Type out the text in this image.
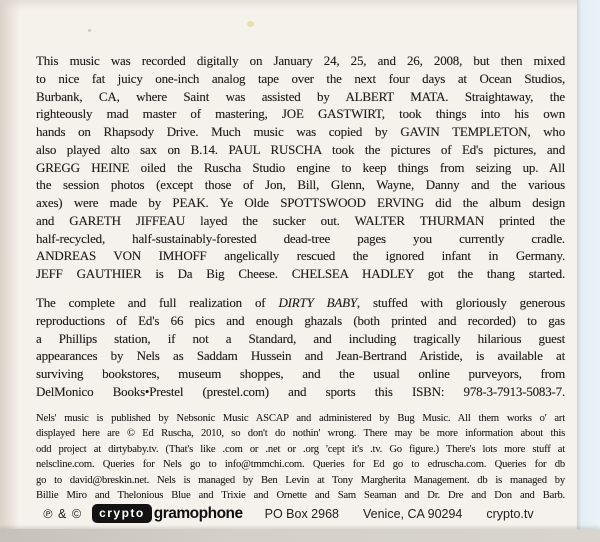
This music was recorded digitally on January 24, 25, and 26, 2008, but then mixed
to nice fat juicy one-inch analog tape over the next four days at Ocean Studios,
Burbank, CA, where Saint was assisted by ALBERT MATA. Straightaway, the
righteously mad master of mastering, JOE GASTWIRT, took things into his own
hands on Rhapsody Drive. Much music was copied by GAVIN TEMPLETON, who
also played alto sax on B.14. PAUL RUSCHA took the pictures of Ed's pictures, and
GREGG HEINE oiled the Ruscha Studio engine to keep things from seizing up. All
the session photos (except those of Jon, Bill, Glenn, Wayne, Danny and the various
axes) were made by PEAK. Ye Olde SPOTTSWOOD ERVING did the album design
and GARETH JIFFEAU layed the sucker out. WALTER THURMAN printed the
half-recycled, half-sustainably-forested dead-tree pages you currently cradle.
ANDREAS VON IMHOFF angelically rescued the ignored infant in Germany.
JEFF GAUTHIER is Da Big Cheese. CHELSEA HADLEY got the thang started.
The complete and full realization of DIRTY BABY, stuffed with gloriously generous
reproductions of Ed's 66 pics and enough ghazals (both printed and recorded) to gas
a Phillips station, if not a Standard, and including tragically hilarious guest
appearances by Nels as Saddam Hussein and Jean-Bertrand Aristide, is available at
surviving bookstores, museum shoppes, and the usual online purveyors, from
DelMonico Books•Prestel (prestel.com) and sports this ISBN: 978-3-7913-5083-7.
Nels' music is published by Nebsonic Music ASCAP and administered by Bug Music. All them works o' art
displayed here are © Ed Ruscha, 2010, so don't do nothin' wrong. There may be more information about this
odd project at dirtybaby.tv. (That's like .com or .net or .org 'cept it's .tv. Go figure.) There's lots more stuff at
nelscline.com. Queries for Nels go to info@tmmchi.com. Queries for Ed go to edruscha.com. Queries for db
go to david@breskin.net. Nels is managed by Ben Levin at Tony Margherita Management. db is managed by
Billie Miro and Thelonious Blue and Trixie and Ornette and Sam Seaman and Dr. Dre and Don and Barb.
℗ & ©	crypto gramophone PO Box 2968 Venice, CA 90294 crypto.tv
